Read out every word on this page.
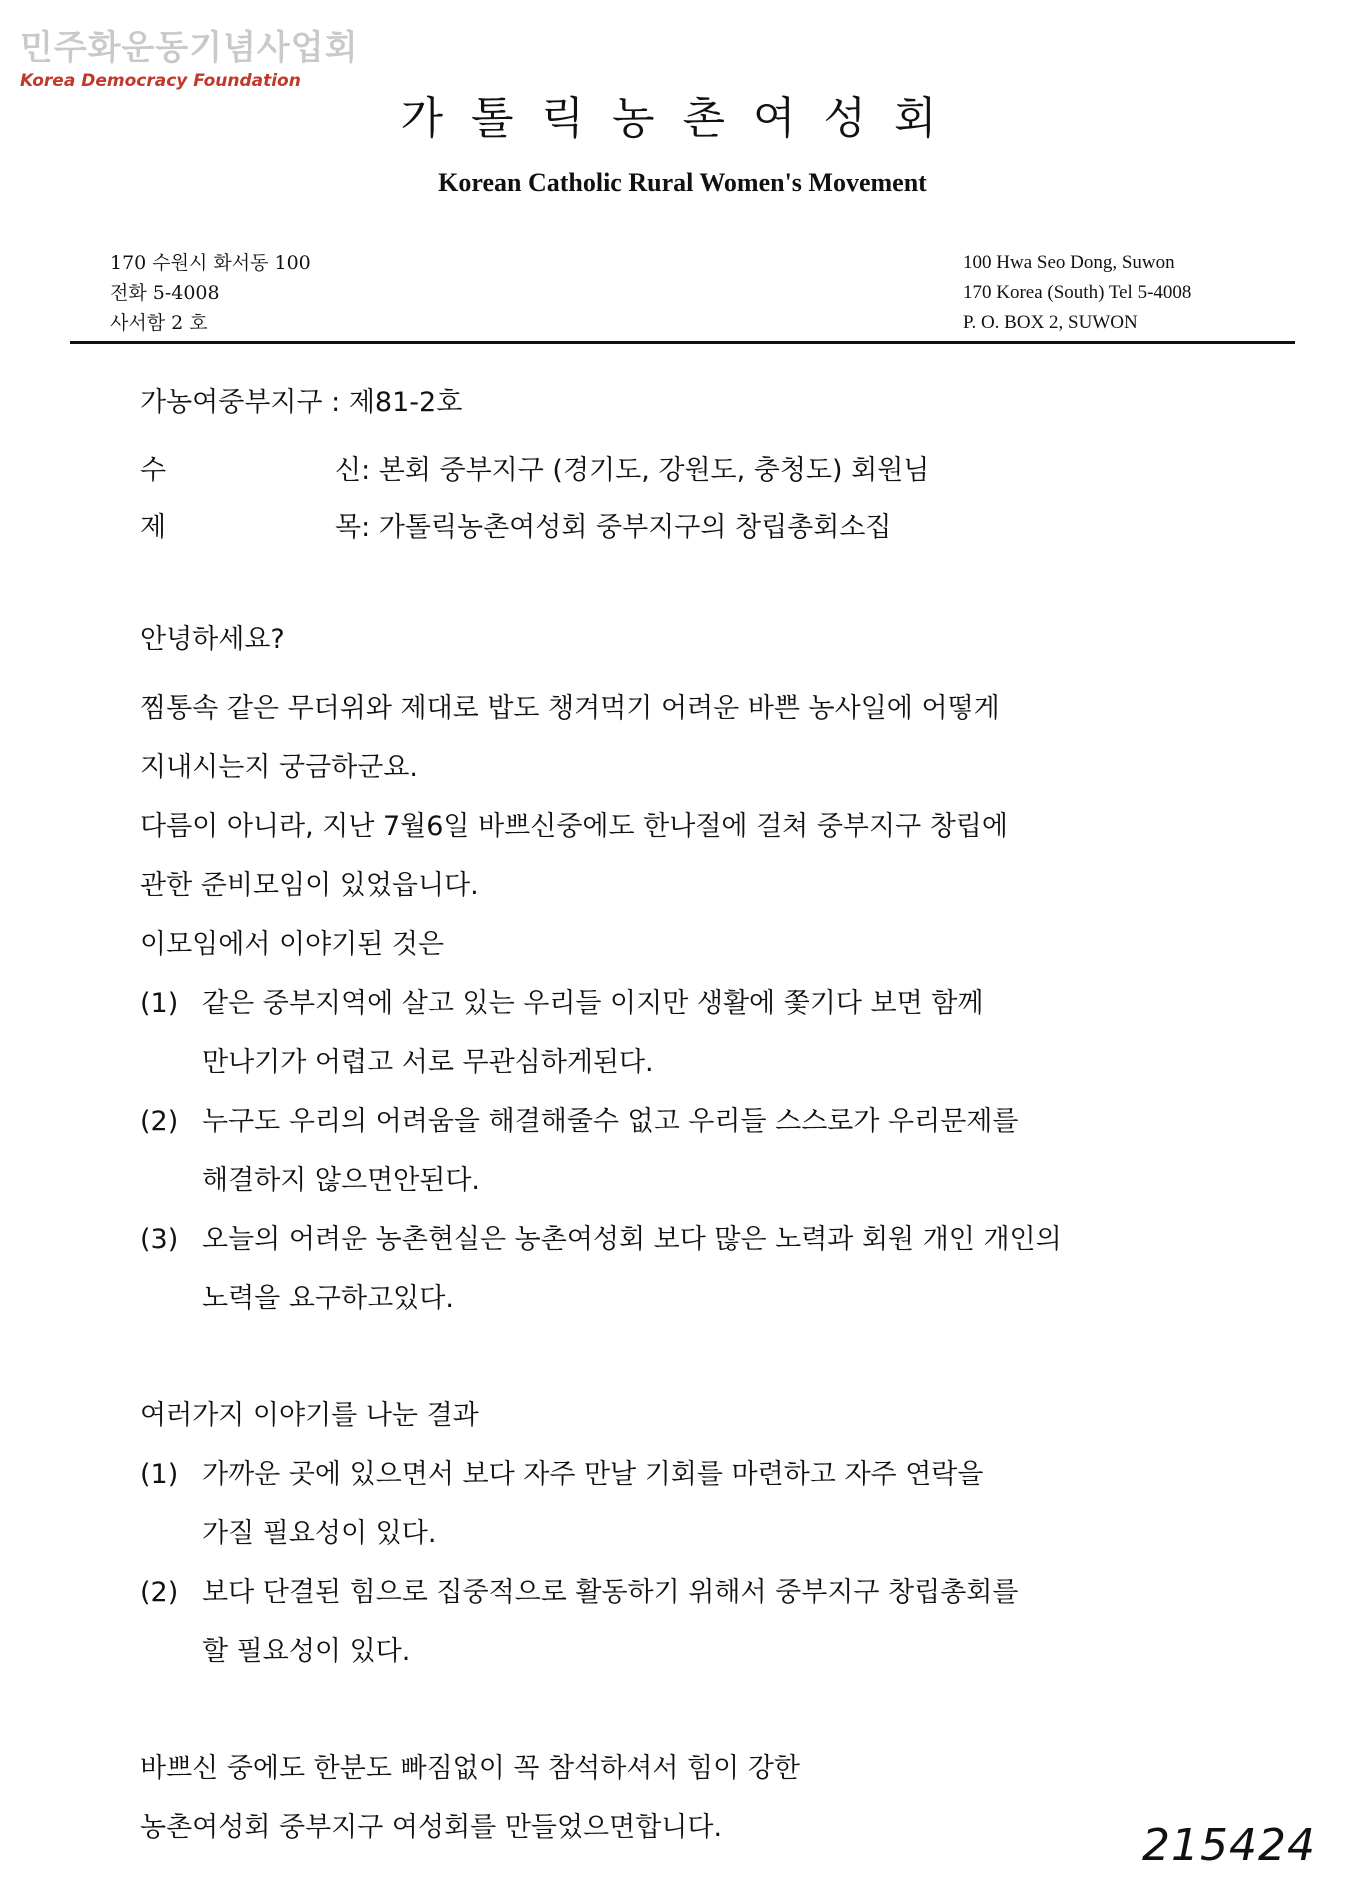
민주화운동기념사업회
Korea Democracy Foundation
가톨릭농촌여성회
Korean Catholic Rural Women's Movement
170 수원시 화서동 100
전화 5-4008
사서함 2 호
100 Hwa Seo Dong, Suwon
170 Korea (South) Tel 5-4008
P. O. BOX 2, SUWON
가농여중부지구 : 제81-2호
수	신: 본회 중부지구 (경기도, 강원도, 충청도) 회원님
제	목: 가톨릭농촌여성회 중부지구의 창립총회소집

안녕하세요?

찜통속 같은 무더위와 제대로 밥도 챙겨먹기 어려운 바쁜 농사일에 어떻게

지내시는지 궁금하군요.

다름이 아니라, 지난 7월6일 바쁘신중에도 한나절에 걸쳐 중부지구 창립에

관한 준비모임이 있었읍니다.

이모임에서 이야기된 것은

(1) 같은 중부지역에 살고 있는 우리들 이지만 생활에 쫓기다 보면 함께
만나기가 어렵고 서로 무관심하게된다.
(2) 누구도 우리의 어려움을 해결해줄수 없고 우리들 스스로가 우리문제를
해결하지 않으면안된다.
(3) 오늘의 어려운 농촌현실은 농촌여성회 보다 많은 노력과 회원 개인 개인의
노력을 요구하고있다.

여러가지 이야기를 나눈 결과

(1) 가까운 곳에 있으면서 보다 자주 만날 기회를 마련하고 자주 연락을
가질 필요성이 있다.
(2) 보다 단결된 힘으로 집중적으로 활동하기 위해서 중부지구 창립총회를
할 필요성이 있다.

바쁘신 중에도 한분도 빠짐없이 꼭 참석하셔서 힘이 강한

농촌여성회 중부지구 여성회를 만들었으면합니다.	215424
